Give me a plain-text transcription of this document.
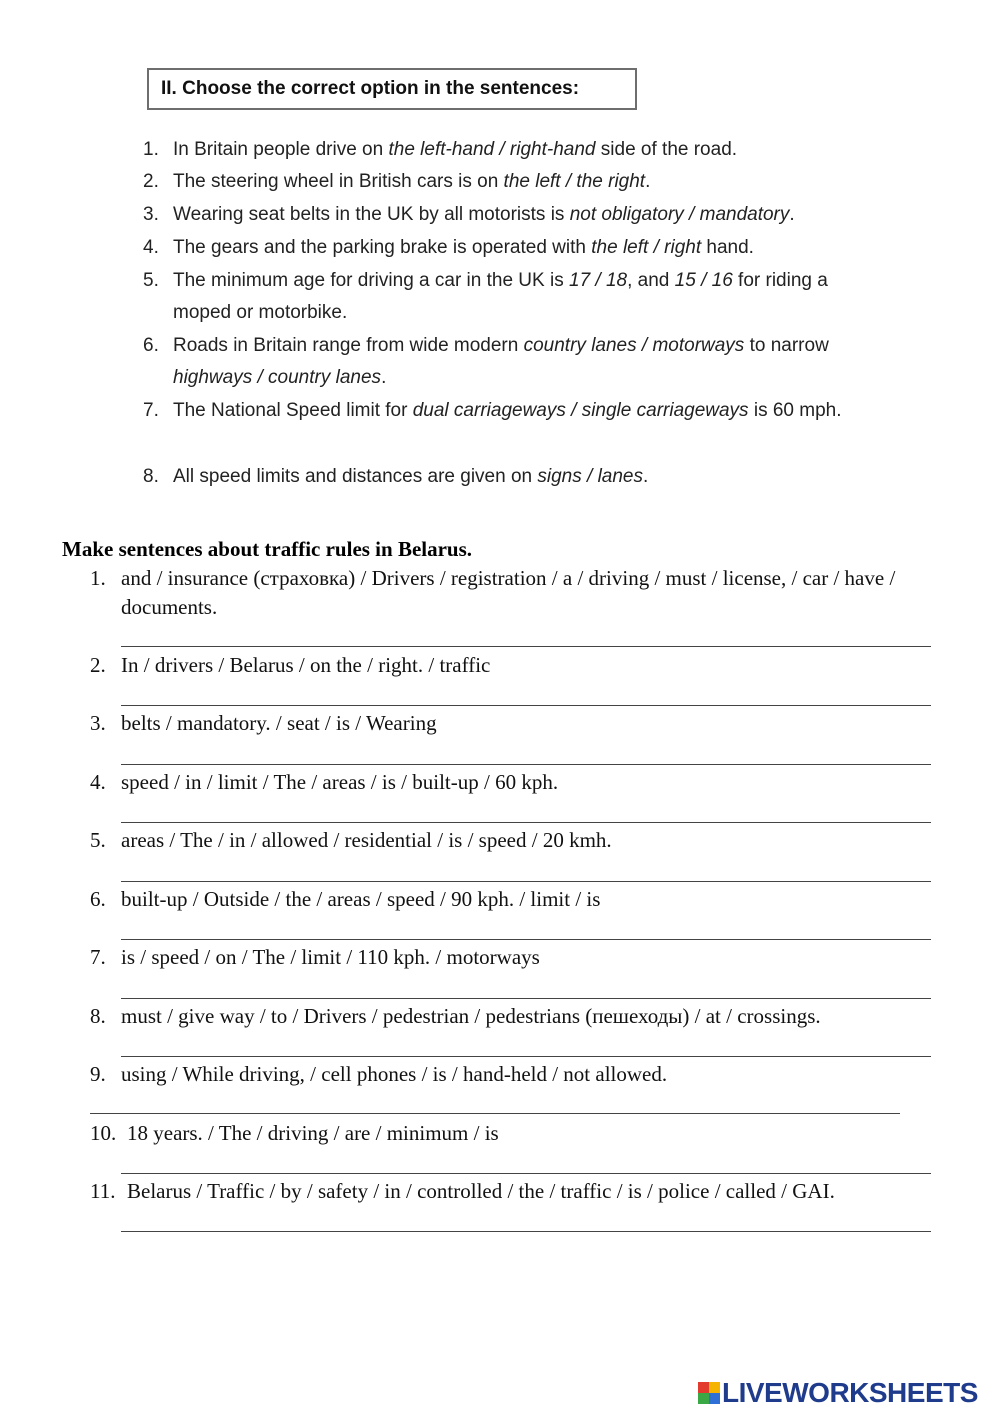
II. Choose the correct option in the sentences:
1. In Britain people drive on the left-hand / right-hand side of the road.
2. The steering wheel in British cars is on the left / the right.
3. Wearing seat belts in the UK by all motorists is not obligatory / mandatory.
4. The gears and the parking brake is operated with the left / right hand.
5. The minimum age for driving a car in the UK is 17 / 18, and 15 / 16 for riding a moped or motorbike.
6. Roads in Britain range from wide modern country lanes / motorways to narrow highways / country lanes.
7. The National Speed limit for dual carriageways / single carriageways is 60 mph.
8. All speed limits and distances are given on signs / lanes.
Make sentences about traffic rules in Belarus.
1. and / insurance (страховка) / Drivers / registration / a / driving / must / license, / car / have / documents.
2. In / drivers / Belarus / on the / right. / traffic
3. belts / mandatory. / seat / is / Wearing
4. speed / in / limit / The / areas / is / built-up / 60 kph.
5. areas / The / in / allowed / residential / is / speed / 20 kmh.
6. built-up / Outside / the / areas / speed / 90 kph. / limit / is
7. is / speed / on / The / limit / 110 kph. / motorways
8. must / give way / to / Drivers / pedestrian / pedestrians (пешеходы) / at / crossings.
9. using / While driving, / cell phones / is / hand-held / not allowed.
10. 18 years. / The / driving / are / minimum / is
11. Belarus / Traffic / by / safety / in / controlled / the / traffic / is / police / called / GAI.
LIVEWORKSHEETS
